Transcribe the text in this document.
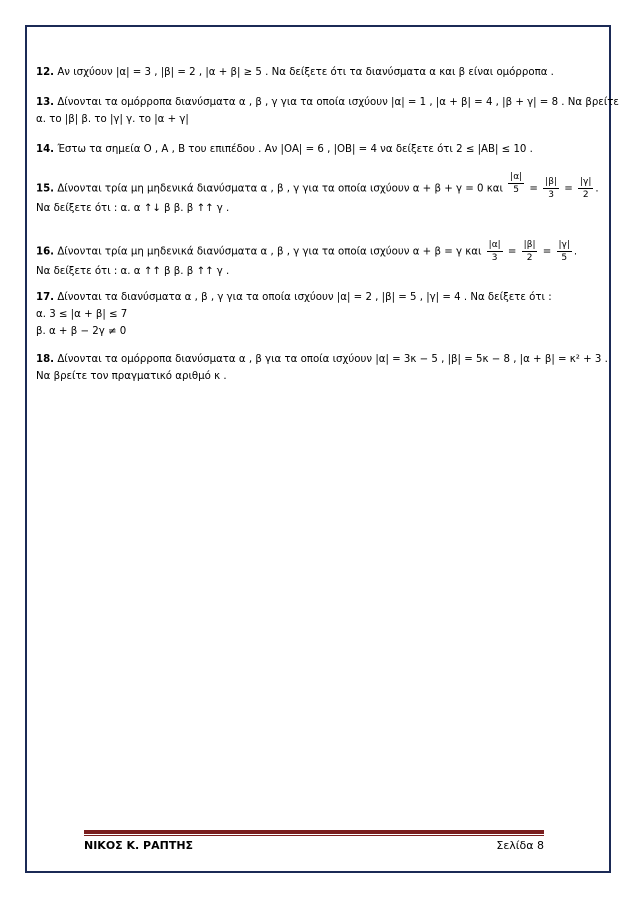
12. Αν ισχύουν |α| = 3 , |β| = 2 , |α + β| ≥ 5 . Να δείξετε ότι τα διανύσματα α και β είναι ομόρροπα .
13. Δίνονται τα ομόρροπα διανύσματα α , β , γ για τα οποία ισχύουν |α| = 1 , |α + β| = 4 , |β + γ| = 8 . Να βρείτε
α. το |β| β. το |γ| γ. το |α + γ|
14. Έστω τα σημεία Ο , Α , Β του επιπέδου . Αν |ΟΑ| = 6 , |ΟΒ| = 4 να δείξετε ότι 2 ≤ |ΑΒ| ≤ 10 .
15. Δίνονται τρία μη μηδενικά διανύσματα α , β , γ για τα οποία ισχύουν α + β + γ = 0 και $\frac{|\alpha|}{5} = \frac{|\beta|}{3} = \frac{|\gamma|}{2}$ .
Να δείξετε ότι : α. α ↑↓ β β. β ↑↑ γ .
16. Δίνονται τρία μη μηδενικά διανύσματα α , β , γ για τα οποία ισχύουν α + β = γ και $\frac{|\alpha|}{3} = \frac{|\beta|}{2} = \frac{|\gamma|}{5}$ .
Να δείξετε ότι : α. α ↑↑ β β. β ↑↑ γ .
17. Δίνονται τα διανύσματα α , β , γ για τα οποία ισχύουν |α| = 2 , |β| = 5 , |γ| = 4 . Να δείξετε ότι :
α. 3 ≤ |α + β| ≤ 7
β. α + β − 2γ ≠ 0
18. Δίνονται τα ομόρροπα διανύσματα α , β για τα οποία ισχύουν |α| = 3κ − 5 , |β| = 5κ − 8 , |α + β| = κ² + 3 .
Να βρείτε τον πραγματικό αριθμό κ .
ΝΙΚΟΣ Κ. ΡΑΠΤΗΣ	Σελίδα 8
